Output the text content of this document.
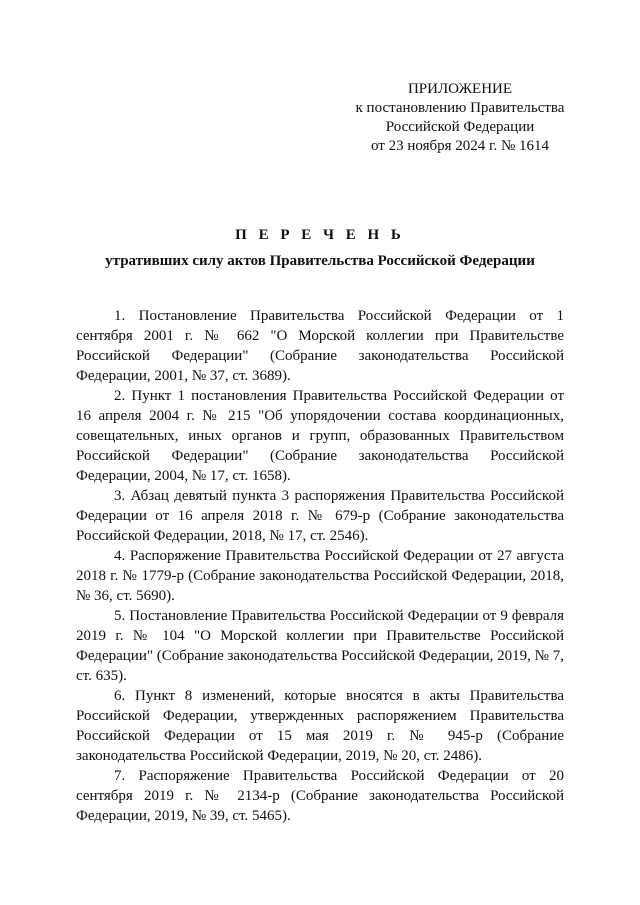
ПРИЛОЖЕНИЕ
к постановлению Правительства
Российской Федерации
от 23 ноября 2024 г. № 1614
П Е Р Е Ч Е Н Ь
утративших силу актов Правительства Российской Федерации

1. Постановление Правительства Российской Федерации от 1 сентября 2001 г. № 662 "О Морской коллегии при Правительстве Российской Федерации" (Собрание законодательства Российской Федерации, 2001, № 37, ст. 3689).

2. Пункт 1 постановления Правительства Российской Федерации от 16 апреля 2004 г. № 215 "Об упорядочении состава координационных, совещательных, иных органов и групп, образованных Правительством Российской Федерации" (Собрание законодательства Российской Федерации, 2004, № 17, ст. 1658).

3. Абзац девятый пункта 3 распоряжения Правительства Российской Федерации от 16 апреля 2018 г. № 679-р (Собрание законодательства Российской Федерации, 2018, № 17, ст. 2546).

4. Распоряжение Правительства Российской Федерации от 27 августа 2018 г. № 1779-р (Собрание законодательства Российской Федерации, 2018, № 36, ст. 5690).

5. Постановление Правительства Российской Федерации от 9 февраля 2019 г. № 104 "О Морской коллегии при Правительстве Российской Федерации" (Собрание законодательства Российской Федерации, 2019, № 7, ст. 635).

6. Пункт 8 изменений, которые вносятся в акты Правительства Российской Федерации, утвержденных распоряжением Правительства Российской Федерации от 15 мая 2019 г. № 945-р (Собрание законодательства Российской Федерации, 2019, № 20, ст. 2486).

7. Распоряжение Правительства Российской Федерации от 20 сентября 2019 г. № 2134-р (Собрание законодательства Российской Федерации, 2019, № 39, ст. 5465).
